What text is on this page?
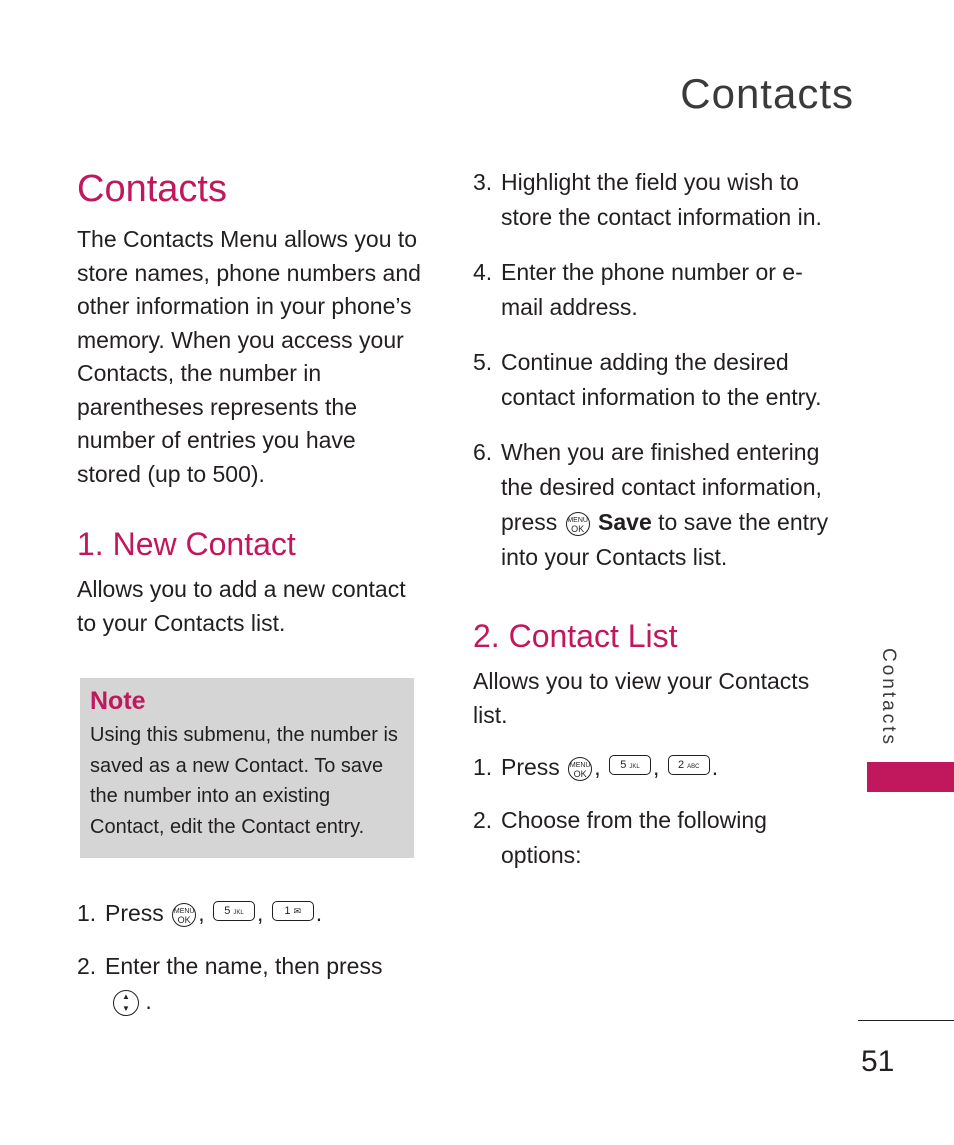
Contacts
Contacts

The Contacts Menu allows you to store names, phone numbers and other information in your phone’s memory. When you access your Contacts, the number in parentheses represents the number of entries you have stored (up to 500).

1. New Contact

Allows you to add a new contact to your Contacts list.

Note
Using this submenu, the number is saved as a new Contact. To save the number into an existing Contact, edit the Contact entry.
1. Press MENU
OK , 5 JKL , 1 ✉ .
2. Enter the name, then press
▲
▼ .
3. Highlight the field you wish to store the contact information in.
4. Enter the phone number or e-mail address.
5. Continue adding the desired contact information to the entry.
6. When you are finished entering the desired contact information, press MENU
OK Save to save the entry into your Contacts list.
2. Contact List

Allows you to view your Contacts list.

1. Press MENU
OK , 5 JKL , 2 ABC .
2. Choose from the following options:
Contacts
51
